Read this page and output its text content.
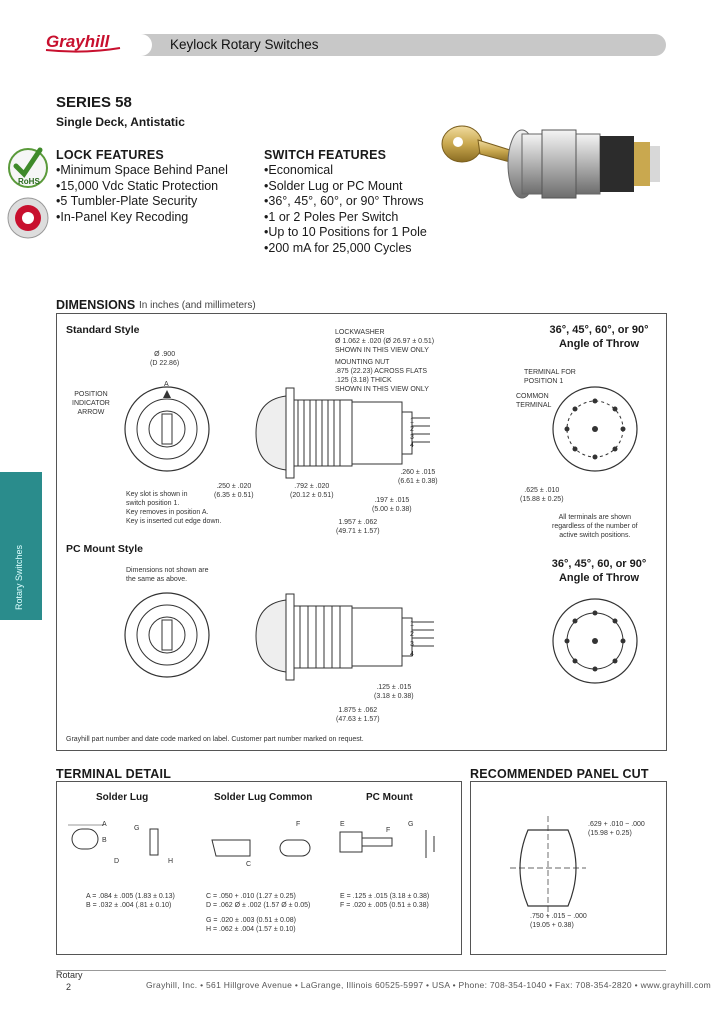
Grayhill	Keylock Rotary Switches
SERIES 58
Single Deck, Antistatic
RoHS
LOCK FEATURES
• Minimum Space Behind Panel
• 15,000 Vdc Static Protection
• 5 Tumbler-Plate Security
• In-Panel Key Recoding
SWITCH FEATURES
• Economical
• Solder Lug or PC Mount
• 36°, 45°, 60°, or 90° Throws
• 1 or 2 Poles Per Switch
• Up to 10 Positions for 1 Pole
• 200 mA for 25,000 Cycles
Rotary Switches
DIMENSIONS In inches (and millimeters)
Standard Style
Ø .900
(D 22.86)
POSITION
INDICATOR
ARROW
A
1
2
3
4
LOCKWASHER
Ø 1.062 ± .020 (Ø 26.97 ± 0.51)
SHOWN IN THIS VIEW ONLY
MOUNTING NUT
.875 (22.23) ACROSS FLATS
.125 (3.18) THICK
SHOWN IN THIS VIEW ONLY
.250 ± .020
(6.35 ± 0.51)
.792 ± .020
(20.12 ± 0.51)
.260 ± .015
(6.61 ± 0.38)
.197 ± .015
(5.00 ± 0.38)
1.957 ± .062
(49.71 ± 1.57)
Key slot is shown in
switch position 1.
Key removes in position A.
Key is inserted cut edge down.
36°, 45°, 60°, or 90°
Angle of Throw
TERMINAL FOR
POSITION 1
COMMON
TERMINAL
.625 ± .010
(15.88 ± 0.25)
All terminals are shown
regardless of the number of
active switch positions.
PC Mount Style
Dimensions not shown are
the same as above.
1
2
3
4
.125 ± .015
(3.18 ± 0.38)
1.875 ± .062
(47.63 ± 1.57)
36°, 45°, 60, or 90°
Angle of Throw
Grayhill part number and date code marked on label. Customer part number marked on request.
TERMINAL DETAIL
Solder Lug	Solder Lug Common	PC Mount
A
B
G
D	H	C
F	E
F
G
A = .084 ± .005 (1.83 ± 0.13)
B = .032 ± .004 (.81 ± 0.10)
C = .050 + .010 (1.27 ± 0.25)
D = .062 Ø ± .002 (1.57 Ø ± 0.05)
G = .020 ± .003 (0.51 ± 0.08)
H = .062 ± .004 (1.57 ± 0.10)
E = .125 ± .015 (3.18 ± 0.38)
F = .020 ± .005 (0.51 ± 0.38)
RECOMMENDED PANEL CUT
.629 + .010 − .000
(15.98 + 0.25)
.750 + .015 − .000
(19.05 + 0.38)
Rotary
2	Grayhill, Inc. • 561 Hillgrove Avenue • LaGrange, Illinois 60525-5997 • USA • Phone: 708-354-1040 • Fax: 708-354-2820 • www.grayhill.com
